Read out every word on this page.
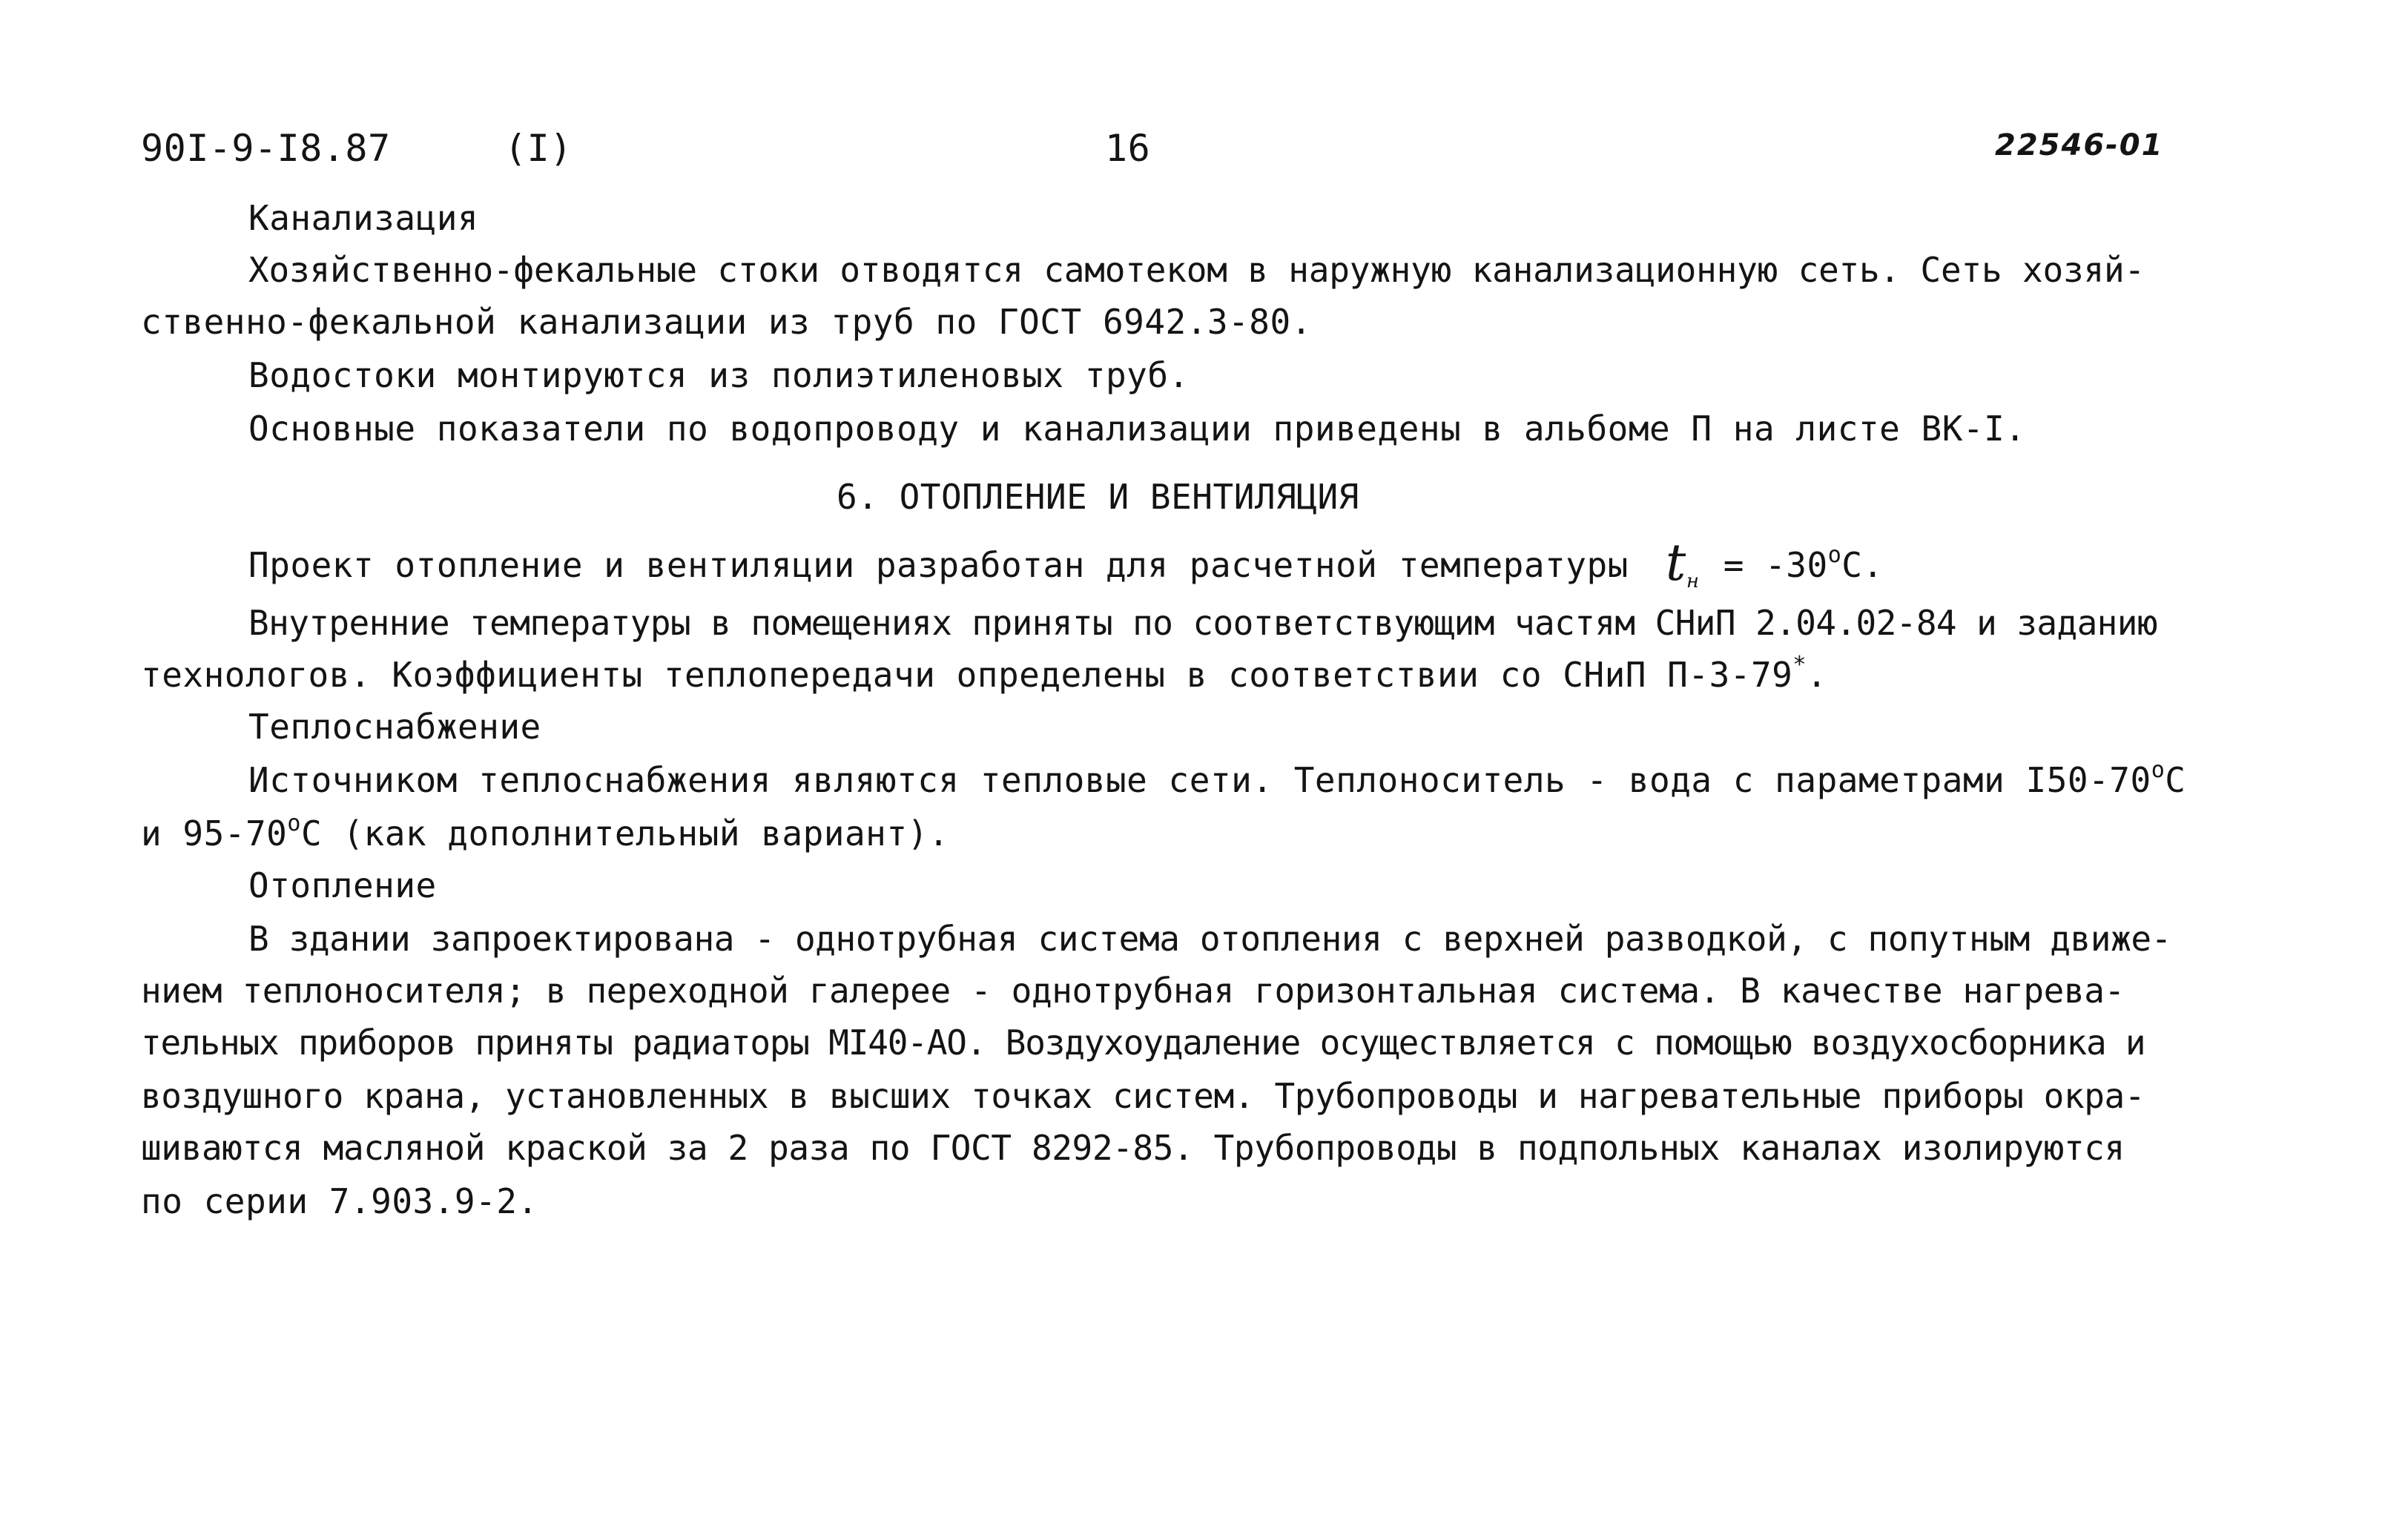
90I-9-I8.87	(I)	16	22546-01
Канализация
Хозяйственно-фекальные стоки отводятся самотеком в наружную канализационную сеть. Сеть хозяй-
ственно-фекальной канализации из труб по ГОСТ 6942.3-80.
Водостоки монтируются из полиэтиленовых труб.
Основные показатели по водопроводу и канализации приведены в альбоме П на листе ВК-I.
6. ОТОПЛЕНИЕ И ВЕНТИЛЯЦИЯ
Проект отопление и вентиляции разработан для расчетной температуры $t_н = -30^oC$.
Внутренние температуры в помещениях приняты по соответствующим частям СНиП 2.04.02-84 и заданию
технологов. Коэффициенты теплопередачи определены в соответствии со СНиП П-3-79*.
Теплоснабжение
Источником теплоснабжения являются тепловые сети. Теплоноситель - вода с параметрами I50-70$^o$C
и 95-70$^o$C (как дополнительный вариант).
Отопление
В здании запроектирована - однотрубная система отопления с верхней разводкой, с попутным движе-
нием теплоносителя; в переходной галерее - однотрубная горизонтальная система. В качестве нагрева-
тельных приборов приняты радиаторы МI40-АО. Воздухоудаление осуществляется с помощью воздухосборника и
воздушного крана, установленных в высших точках систем. Трубопроводы и нагревательные приборы окра-
шиваются масляной краской за 2 раза по ГОСТ 8292-85. Трубопроводы в подпольных каналах изолируются
по серии 7.903.9-2.
